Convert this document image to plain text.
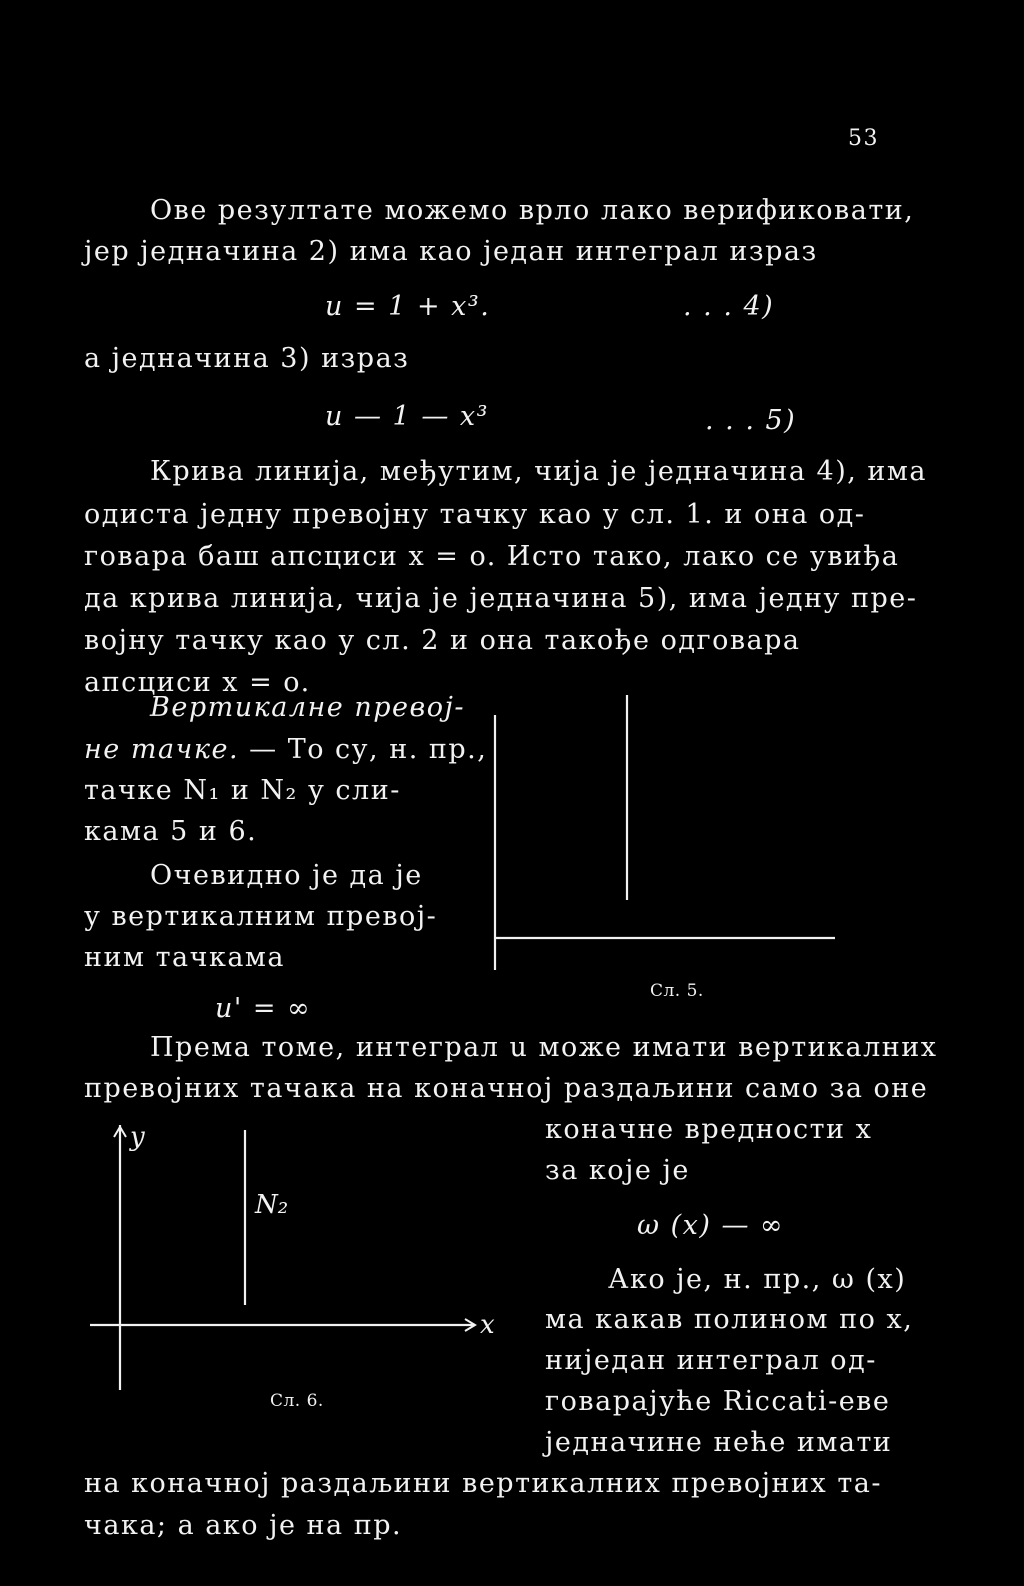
53
Ове резултате можемо врло лако верификовати,
јер једначина 2) има као један интеграл израз
u = 1 + x³.	. . . 4)
а једначина 3) израз
u — 1 — x³	. . . 5)
Крива линија, међутим, чија је једначина 4), има
одиста једну превојну тачку као у сл. 1. и она од-
говара баш апсциси x = o. Исто тако, лако се увиђа
да крива линија, чија је једначина 5), има једну пре-
војну тачку као у сл. 2 и она такође одговара
апсциси x = o.
Вертикалне превој-
не тачке. — То су, н. пр.,
тачке N₁ и N₂ у сли-
кама 5 и 6.
Очевидно је да је
у вертикалним превој-
ним тачкама
u' = ∞
Сл. 5.
Према томе, интеграл u може имати вертикалних
превојних тачака на коначној раздаљини само за оне
коначне вредности x
за које је
ω (x) — ∞
Ако је, н. пр., ω (x)
ма какав полином по x,
ниједан интеграл од-
говарајуће Riccati-еве
једначине неће имати
y
N₂
x
Сл. 6.
на коначној раздаљини вертикалних превојних та-
чака; а ако је на пр.
